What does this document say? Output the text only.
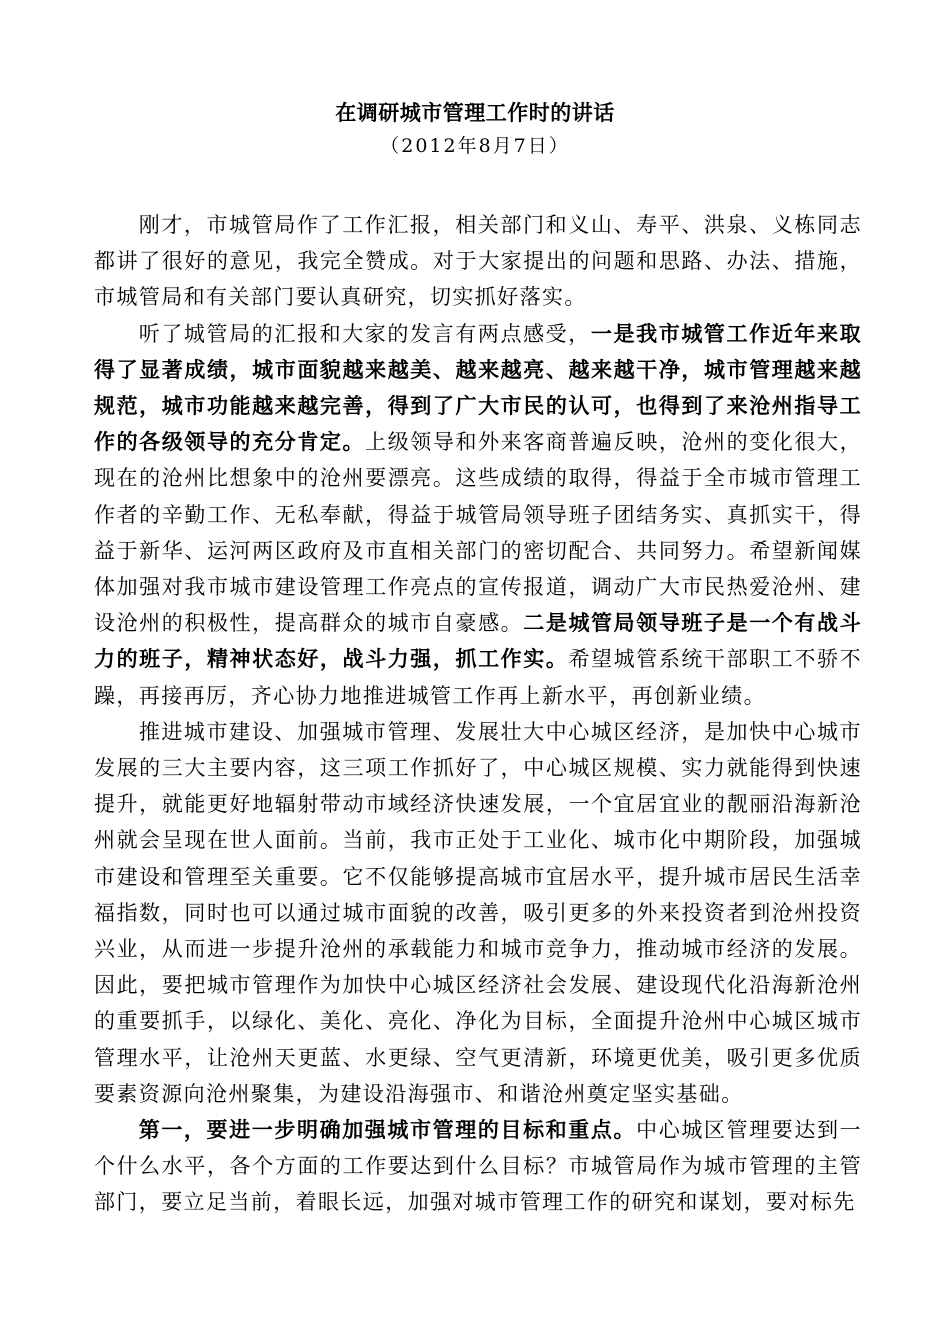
在调研城市管理工作时的讲话
（2012年8月7日）

刚才，市城管局作了工作汇报，相关部门和义山、寿平、洪泉、义栋同志都讲了很好的意见，我完全赞成。对于大家提出的问题和思路、办法、措施，市城管局和有关部门要认真研究，切实抓好落实。

听了城管局的汇报和大家的发言有两点感受，一是我市城管工作近年来取得了显著成绩，城市面貌越来越美、越来越亮、越来越干净，城市管理越来越规范，城市功能越来越完善，得到了广大市民的认可，也得到了来沧州指导工作的各级领导的充分肯定。上级领导和外来客商普遍反映，沧州的变化很大，现在的沧州比想象中的沧州要漂亮。这些成绩的取得，得益于全市城市管理工作者的辛勤工作、无私奉献，得益于城管局领导班子团结务实、真抓实干，得益于新华、运河两区政府及市直相关部门的密切配合、共同努力。希望新闻媒体加强对我市城市建设管理工作亮点的宣传报道，调动广大市民热爱沧州、建设沧州的积极性，提高群众的城市自豪感。二是城管局领导班子是一个有战斗力的班子，精神状态好，战斗力强，抓工作实。希望城管系统干部职工不骄不躁，再接再厉，齐心协力地推进城管工作再上新水平，再创新业绩。

推进城市建设、加强城市管理、发展壮大中心城区经济，是加快中心城市发展的三大主要内容，这三项工作抓好了，中心城区规模、实力就能得到快速提升，就能更好地辐射带动市域经济快速发展，一个宜居宜业的靓丽沿海新沧州就会呈现在世人面前。当前，我市正处于工业化、城市化中期阶段，加强城市建设和管理至关重要。它不仅能够提高城市宜居水平，提升城市居民生活幸福指数，同时也可以通过城市面貌的改善，吸引更多的外来投资者到沧州投资兴业，从而进一步提升沧州的承载能力和城市竞争力，推动城市经济的发展。因此，要把城市管理作为加快中心城区经济社会发展、建设现代化沿海新沧州的重要抓手，以绿化、美化、亮化、净化为目标，全面提升沧州中心城区城市管理水平，让沧州天更蓝、水更绿、空气更清新，环境更优美，吸引更多优质要素资源向沧州聚集，为建设沿海强市、和谐沧州奠定坚实基础。

第一，要进一步明确加强城市管理的目标和重点。中心城区管理要达到一个什么水平，各个方面的工作要达到什么目标？市城管局作为城市管理的主管部门，要立足当前，着眼长远，加强对城市管理工作的研究和谋划，要对标先
